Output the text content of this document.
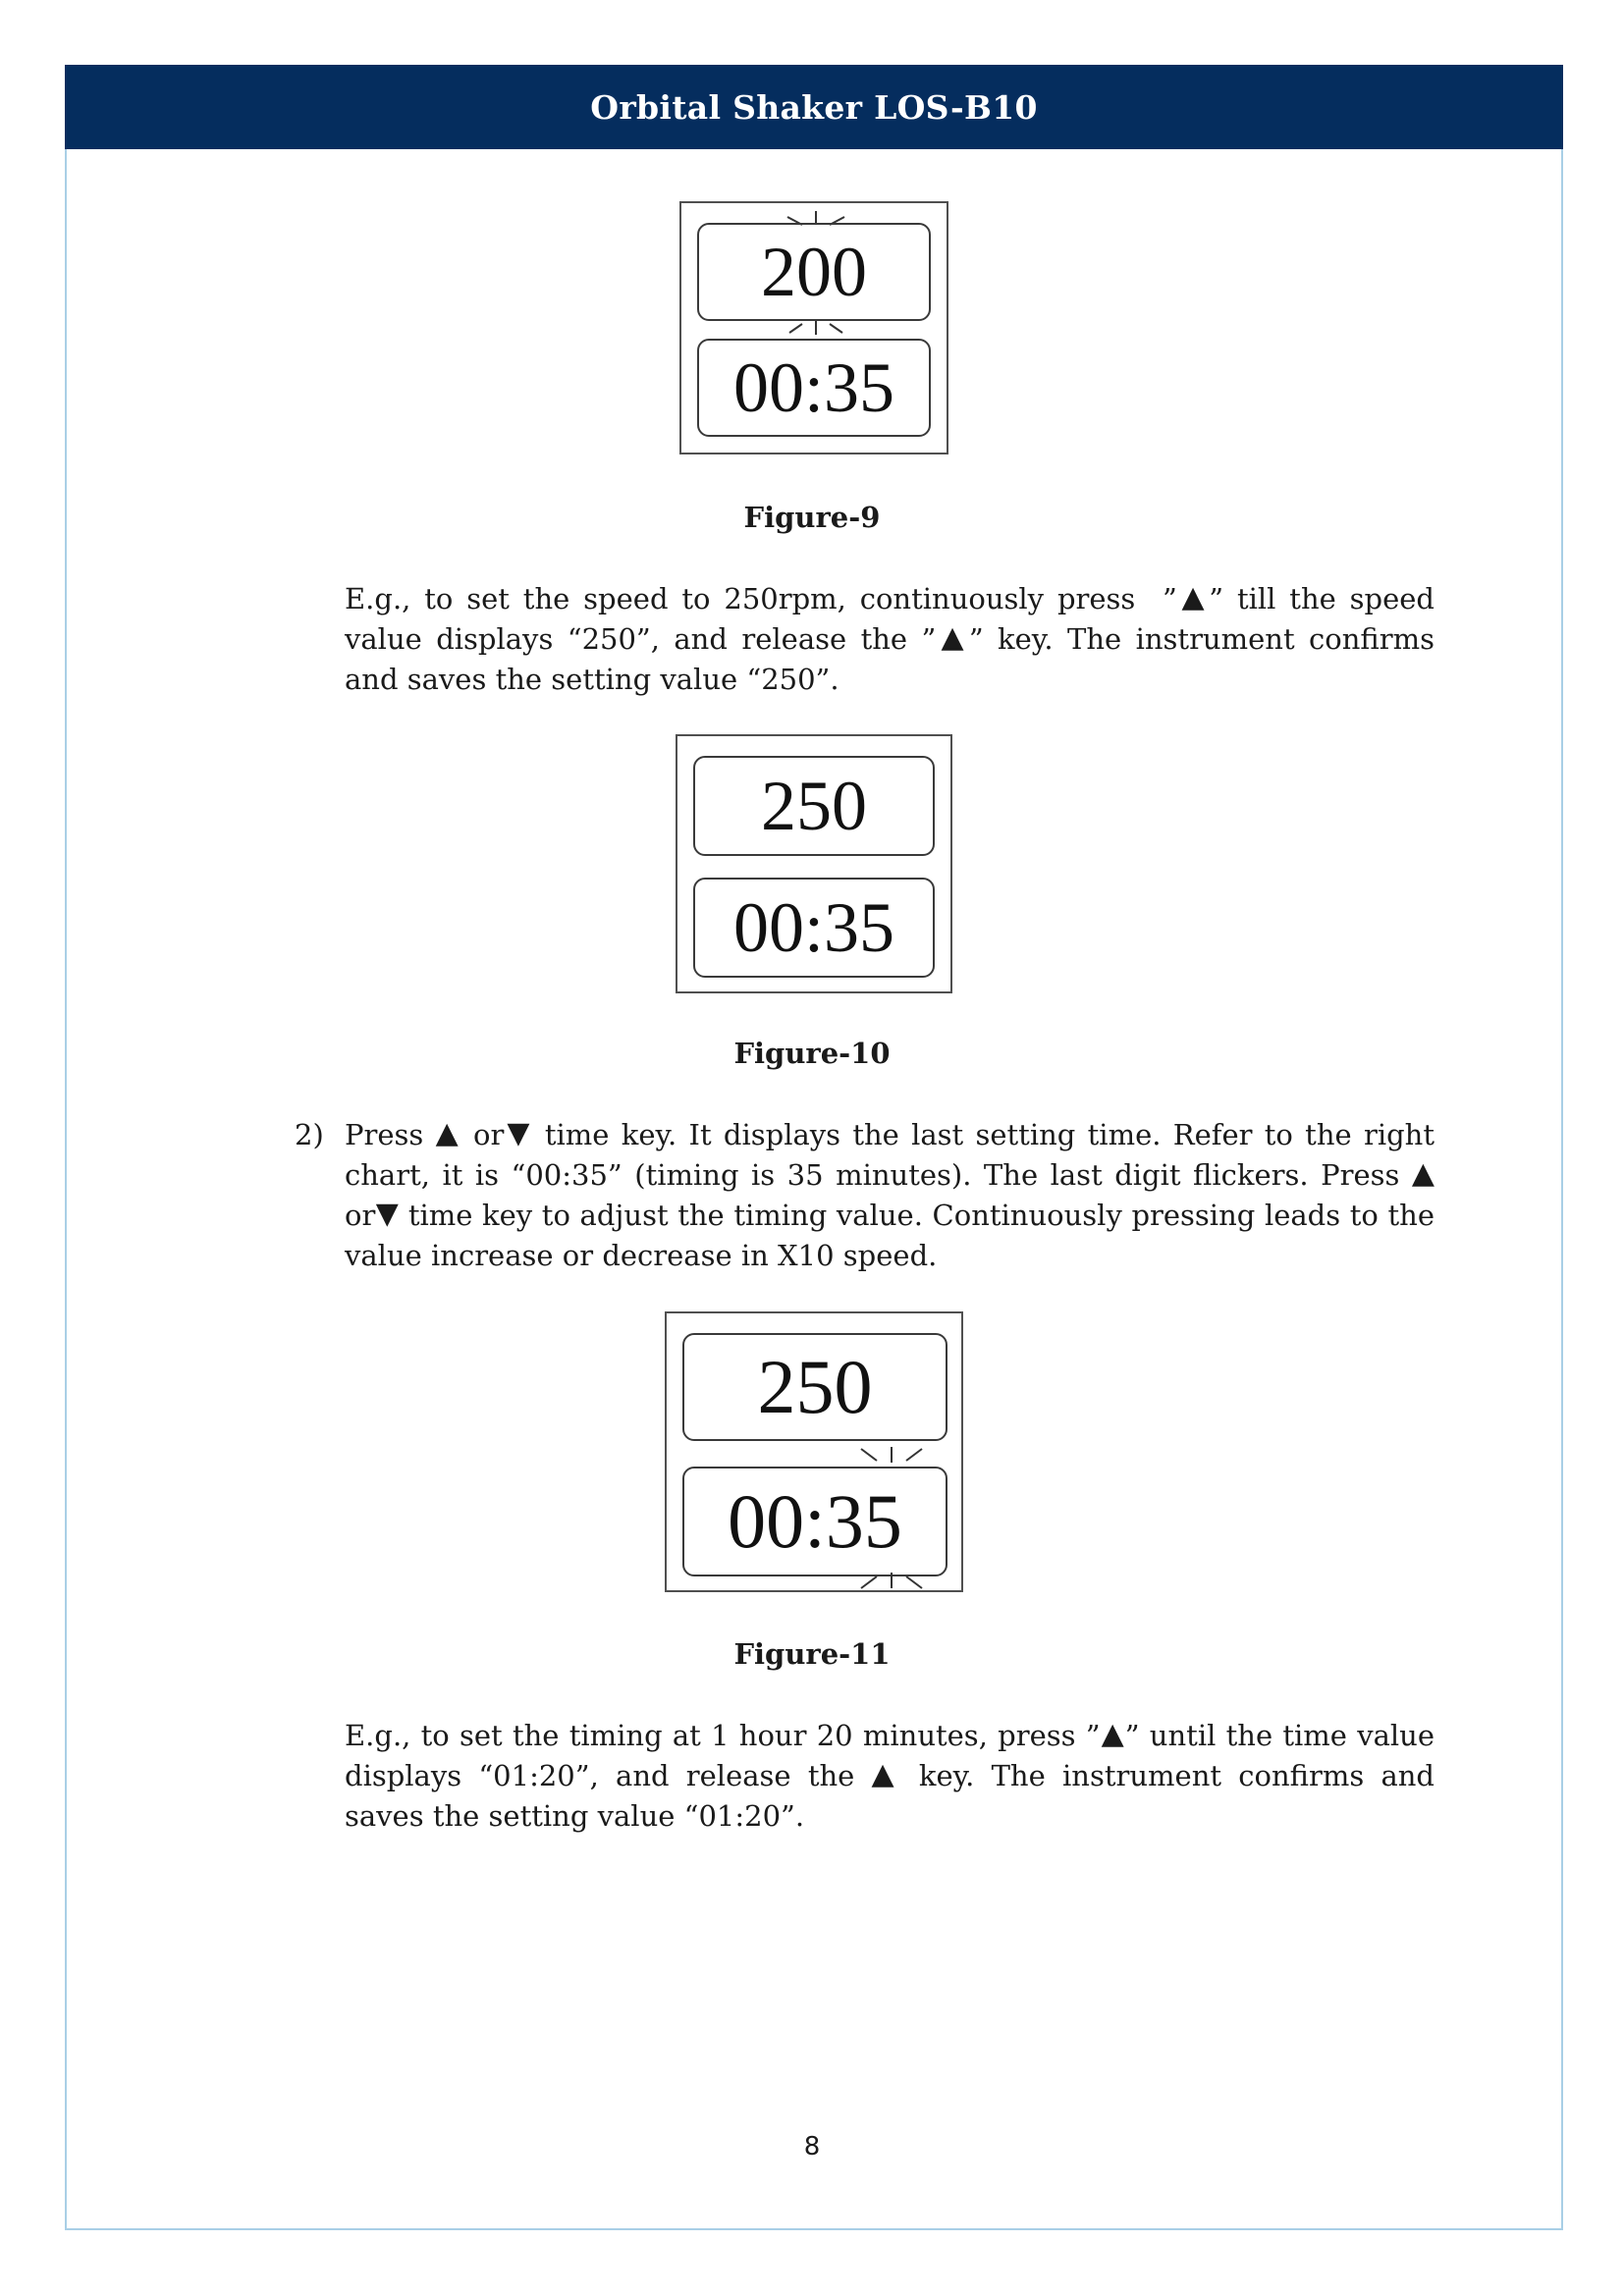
Orbital Shaker LOS-B10
200
00:35
Figure-9
E.g., to set the speed to 250rpm, continuously press  ”▲” till the speed value displays “250”, and release the ”▲” key. The instrument confirms and saves the setting value “250”.
250
00:35
Figure-10
2) Press ▲ or▼ time key. It displays the last setting time. Refer to the right chart, it is “00:35” (timing is 35 minutes). The last digit flickers. Press ▲ or▼ time key to adjust the timing value. Continuously pressing leads to the value increase or decrease in X10 speed.
250
00:35
Figure-11
E.g., to set the timing at 1 hour 20 minutes, press ”▲” until the time value displays “01:20”, and release the ▲ key. The instrument confirms and saves the setting value “01:20”.
8
